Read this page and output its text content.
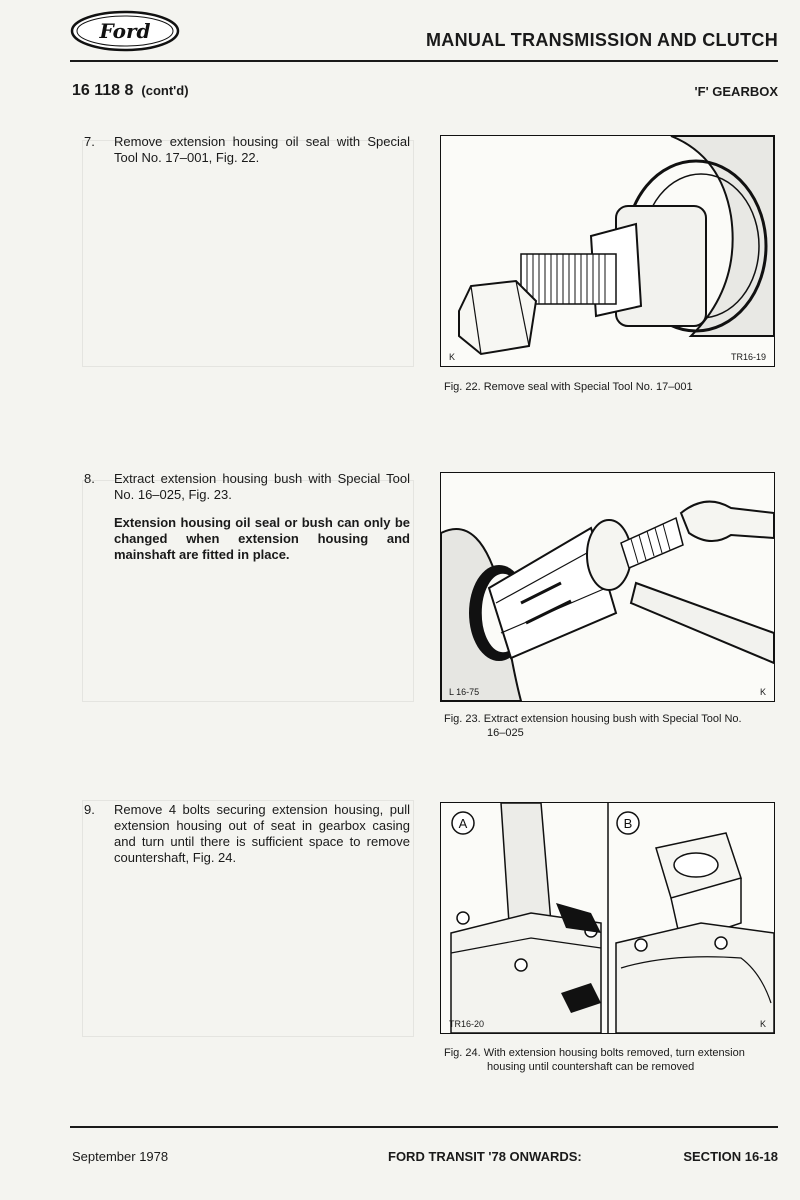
Ford	MANUAL TRANSMISSION AND CLUTCH
16 118 8 (cont'd)	'F' GEARBOX
7. Remove extension housing oil seal with Special Tool No. 17–001, Fig. 22.
8. Extract extension housing bush with Special Tool No. 16–025, Fig. 23.
Extension housing oil seal or bush can only be changed when extension housing and mainshaft are fitted in place.
9. Remove 4 bolts securing extension housing, pull extension housing out of seat in gearbox casing and turn until there is sufficient space to remove countershaft, Fig. 24.
K	TR16-19
Fig. 22. Remove seal with Special Tool No. 17–001
L 16-75	K
Fig. 23. Extract extension housing bush with Special Tool No.
16–025
A	B
TR16-20	K
Fig. 24. With extension housing bolts removed, turn extension
housing until countershaft can be removed
September 1978	FORD TRANSIT '78 ONWARDS:	SECTION 16-18
